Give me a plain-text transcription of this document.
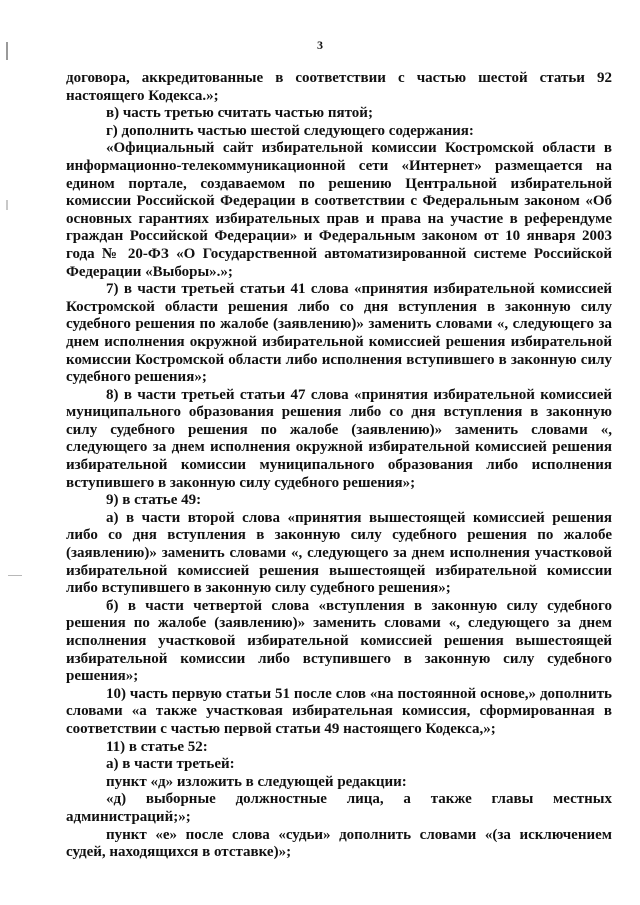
3

договора, аккредитованные в соответствии с частью шестой статьи 92 настоящего Кодекса.»;

в) часть третью считать частью пятой;

г) дополнить частью шестой следующего содержания:

«Официальный сайт избирательной комиссии Костромской области в информационно-телекоммуникационной сети «Интернет» размещается на едином портале, создаваемом по решению Центральной избирательной комиссии Российской Федерации в соответствии с Федеральным законом «Об основных гарантиях избирательных прав и права на участие в референдуме граждан Российской Федерации» и Федеральным законом от 10 января 2003 года № 20-ФЗ «О Государственной автоматизированной системе Российской Федерации «Выборы».»;

7) в части третьей статьи 41 слова «принятия избирательной комиссией Костромской области решения либо со дня вступления в законную силу судебного решения по жалобе (заявлению)» заменить словами «, следующего за днем исполнения окружной избирательной комиссией решения избирательной комиссии Костромской области либо исполнения вступившего в законную силу судебного решения»;

8) в части третьей статьи 47 слова «принятия избирательной комиссией муниципального образования решения либо со дня вступления в законную силу судебного решения по жалобе (заявлению)» заменить словами «, следующего за днем исполнения окружной избирательной комиссией решения избирательной комиссии муниципального образования либо исполнения вступившего в законную силу судебного решения»;

9) в статье 49:

а) в части второй слова «принятия вышестоящей комиссией решения либо со дня вступления в законную силу судебного решения по жалобе (заявлению)» заменить словами «, следующего за днем исполнения участковой избирательной комиссией решения вышестоящей избирательной комиссии либо вступившего в законную силу судебного решения»;

б) в части четвертой слова «вступления в законную силу судебного решения по жалобе (заявлению)» заменить словами «, следующего за днем исполнения участковой избирательной комиссией решения вышестоящей избирательной комиссии либо вступившего в законную силу судебного решения»;

10) часть первую статьи 51 после слов «на постоянной основе,» дополнить словами «а также участковая избирательная комиссия, сформированная в соответствии с частью первой статьи 49 настоящего Кодекса,»;

11) в статье 52:

а) в части третьей:

пункт «д» изложить в следующей редакции:

«д) выборные должностные лица, а также главы местных администраций;»;

пункт «е» после слова «судьи» дополнить словами «(за исключением судей, находящихся в отставке)»;
